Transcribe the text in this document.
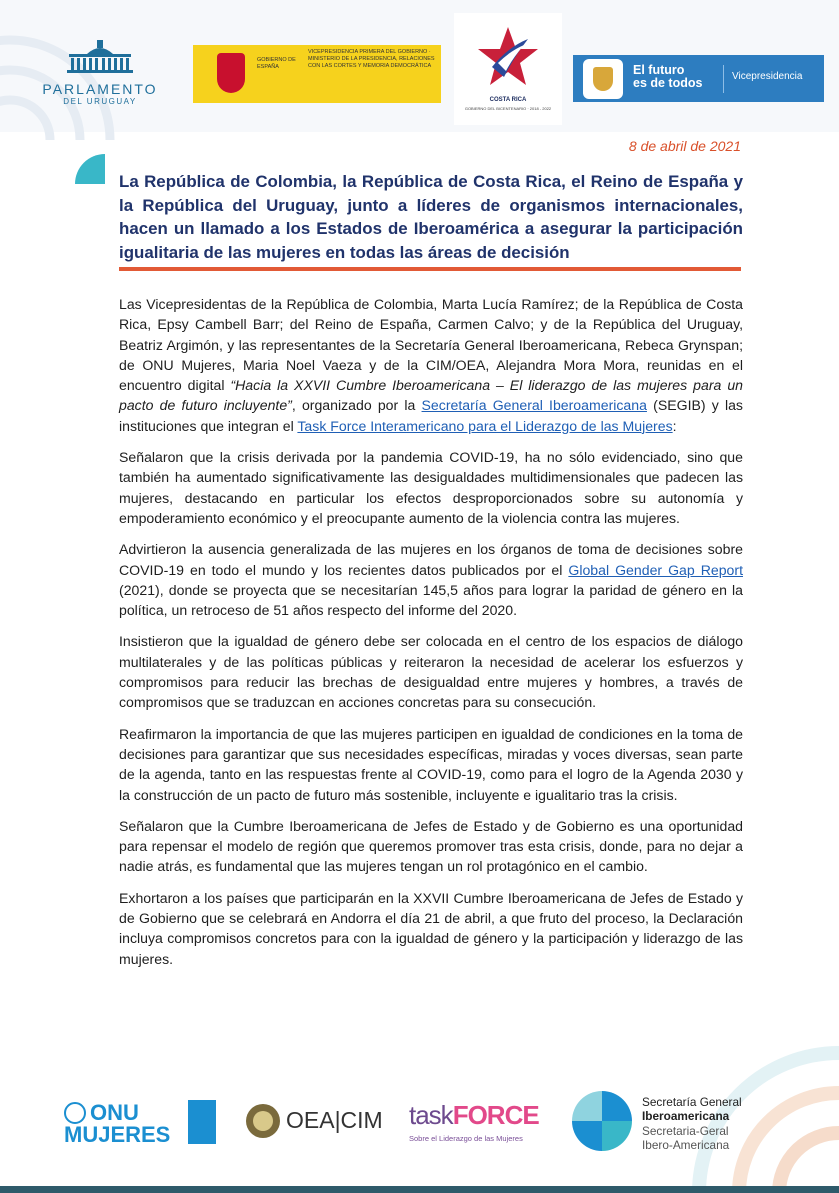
PARLAMENTO
DEL URUGUAY
GOBIERNO DE ESPAÑA
VICEPRESIDENCIA PRIMERA DEL GOBIERNO · MINISTERIO DE LA PRESIDENCIA, RELACIONES CON LAS CORTES Y MEMORIA DEMOCRÁTICA
COSTA RICA
GOBIERNO DEL BICENTENARIO · 2018 - 2022
El futuro
es de todos	Vicepresidencia
8 de abril de 2021
La República de Colombia, la República de Costa Rica, el Reino de España y la República del Uruguay, junto a líderes de organismos internacionales, hacen un llamado a los Estados de Iberoamérica a asegurar la participación igualitaria de las mujeres en todas las áreas de decisión

Las Vicepresidentas de la República de Colombia, Marta Lucía Ramírez; de la República de Costa Rica, Epsy Cambell Barr; del Reino de España, Carmen Calvo; y de la República del Uruguay, Beatriz Argimón, y las representantes de la Secretaría General Iberoamericana, Rebeca Grynspan; de ONU Mujeres, Maria Noel Vaeza y de la CIM/OEA, Alejandra Mora Mora, reunidas en el encuentro digital “Hacia la XXVII Cumbre Iberoamericana – El liderazgo de las mujeres para un pacto de futuro incluyente”, organizado por la Secretaría General Iberoamericana (SEGIB) y las instituciones que integran el Task Force Interamericano para el Liderazgo de las Mujeres:

Señalaron que la crisis derivada por la pandemia COVID-19, ha no sólo evidenciado, sino que también ha aumentado significativamente las desigualdades multidimensionales que padecen las mujeres, destacando en particular los efectos desproporcionados sobre su autonomía y empoderamiento económico y el preocupante aumento de la violencia contra las mujeres.

Advirtieron la ausencia generalizada de las mujeres en los órganos de toma de decisiones sobre COVID-19 en todo el mundo y los recientes datos publicados por el Global Gender Gap Report (2021), donde se proyecta que se necesitarían 145,5 años para lograr la paridad de género en la política, un retroceso de 51 años respecto del informe del 2020.

Insistieron que la igualdad de género debe ser colocada en el centro de los espacios de diálogo multilaterales y de las políticas públicas y reiteraron la necesidad de acelerar los esfuerzos y compromisos para reducir las brechas de desigualdad entre mujeres y hombres, a través de compromisos que se traduzcan en acciones concretas para su consecución.

Reafirmaron la importancia de que las mujeres participen en igualdad de condiciones en la toma de decisiones para garantizar que sus necesidades específicas, miradas y voces diversas, sean parte de la agenda, tanto en las respuestas frente al COVID-19, como para el logro de la Agenda 2030 y la construcción de un pacto de futuro más sostenible, incluyente e igualitario tras la crisis.

Señalaron que la Cumbre Iberoamericana de Jefes de Estado y de Gobierno es una oportunidad para repensar el modelo de región que queremos promover tras esta crisis, donde, para no dejar a nadie atrás, es fundamental que las mujeres tengan un rol protagónico en el cambio.

Exhortaron a los países que participarán en la XXVII Cumbre Iberoamericana de Jefes de Estado y de Gobierno que se celebrará en Andorra el día 21 de abril, a que fruto del proceso, la Declaración incluya compromisos concretos para con la igualdad de género y la participación y liderazgo de las mujeres.

ONU
MUJERES
OEA|CIM taskFORCE
Sobre el Liderazgo de las Mujeres
Secretaría General
Iberoamericana
Secretaria-Geral
Ibero-Americana
